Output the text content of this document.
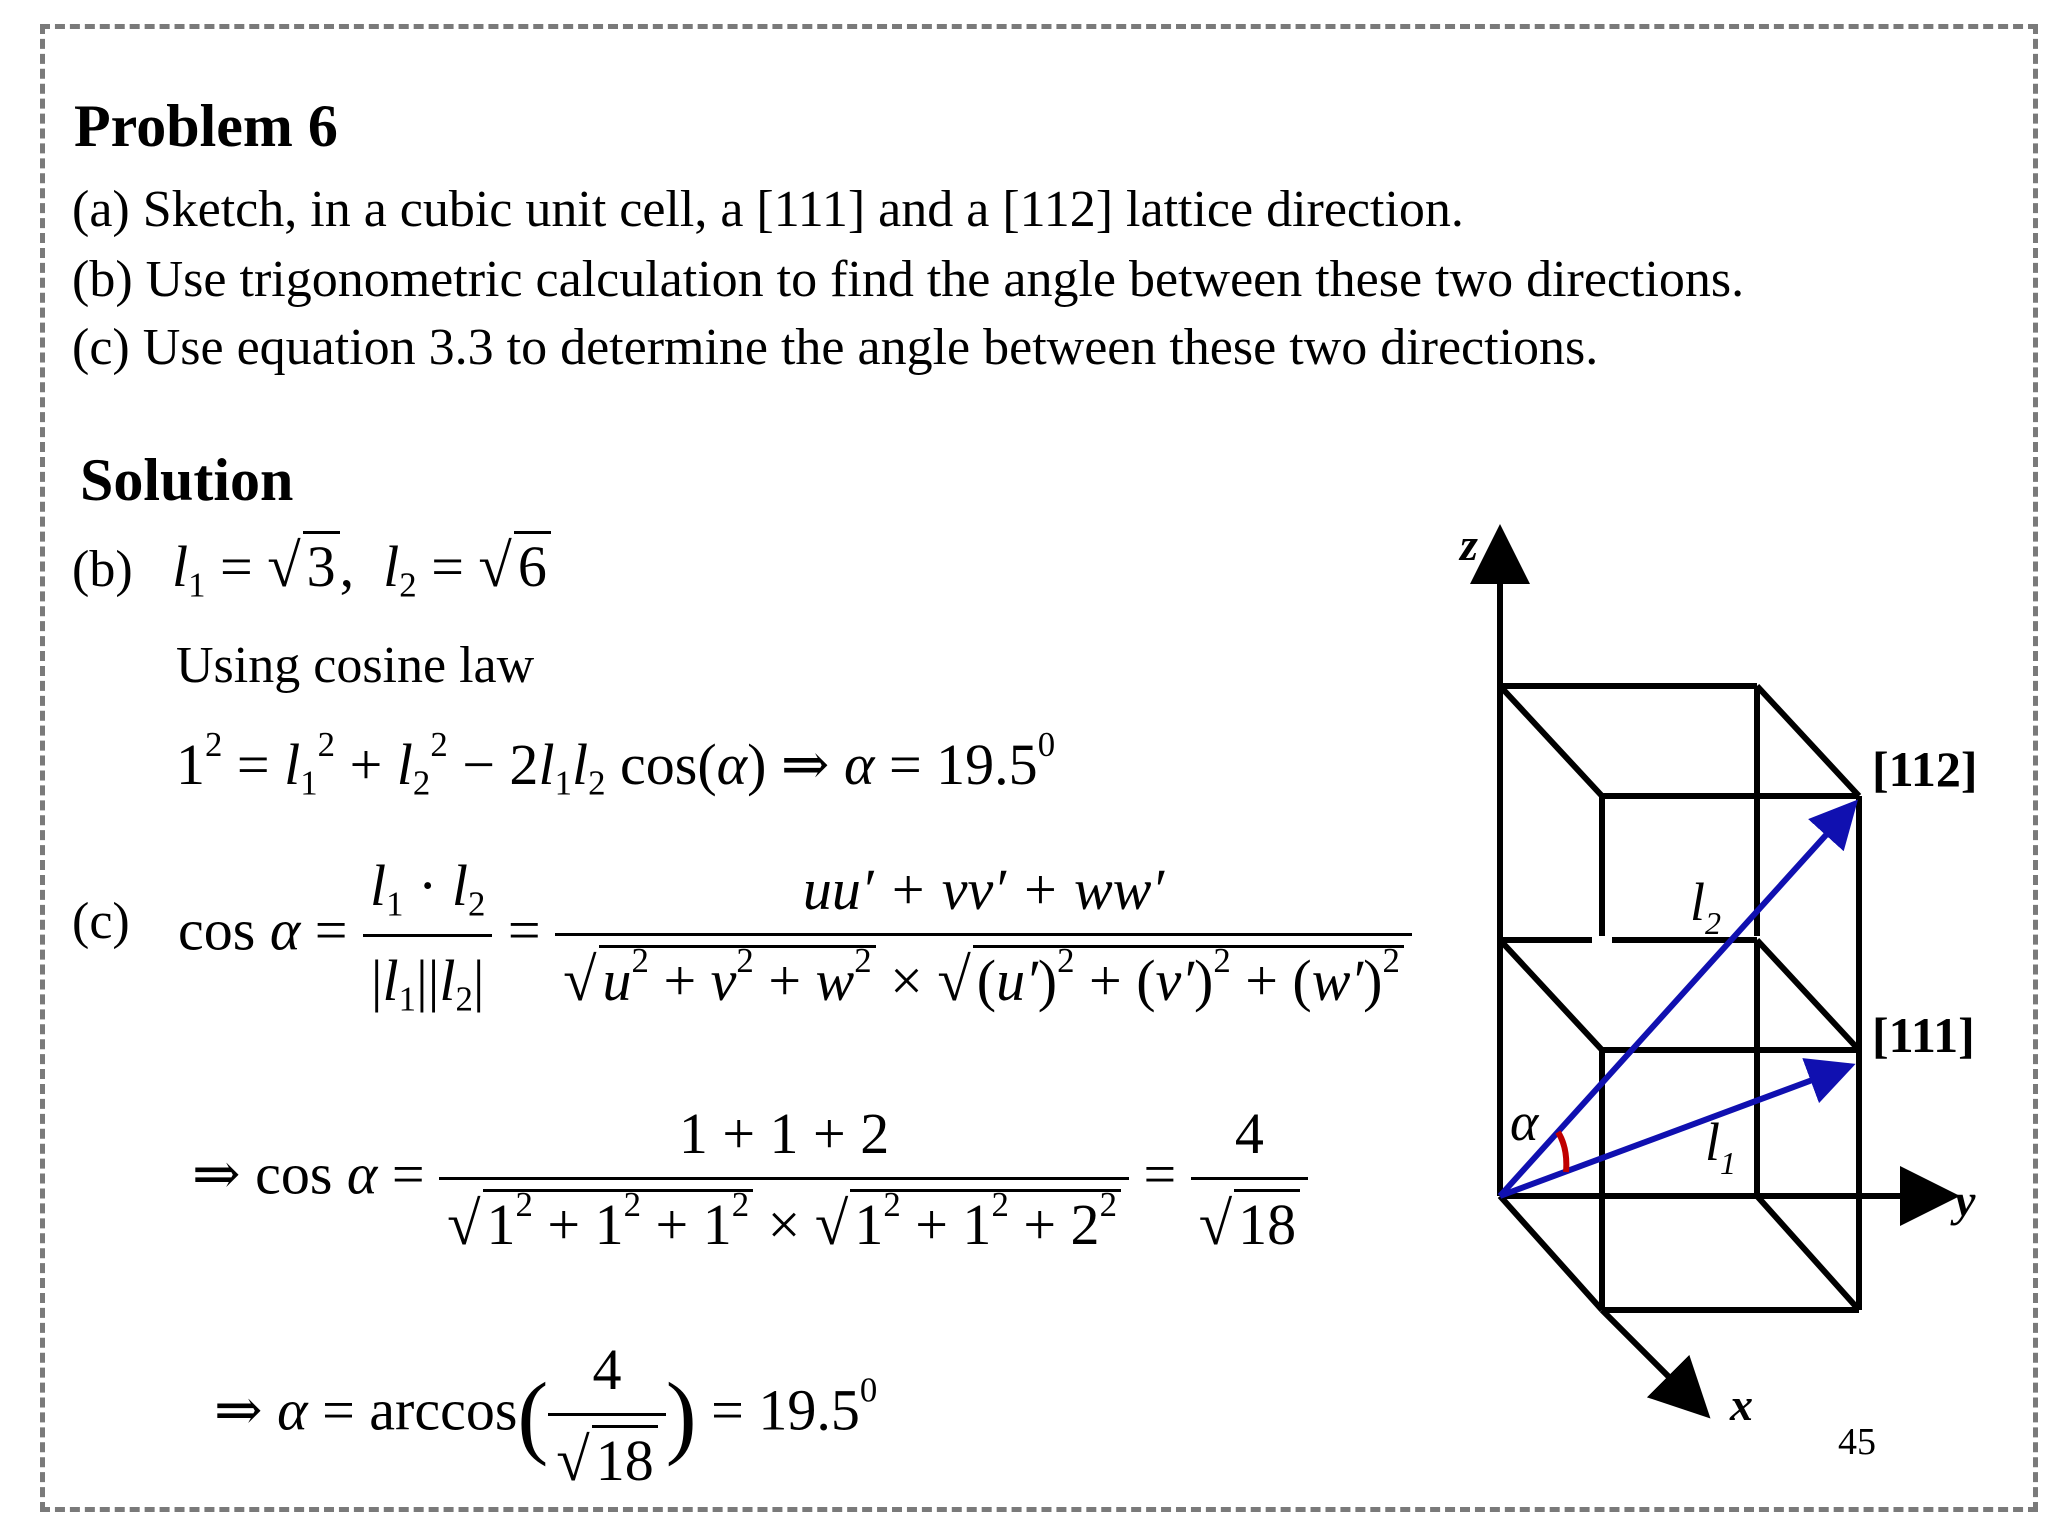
Problem 6
(a) Sketch, in a cubic unit cell, a [111] and a [112] lattice direction.
(b) Use trigonometric calculation to find the angle between these two directions.
(c) Use equation 3.3 to determine the angle between these two directions.
Solution
(b) $l_1$ = √ 3,  $l_2$ = √ 6
Using cosine law
$1^2 = l_1^2 + l_2^2 - 2l_1l_2$ cos(α) ⇒ $\alpha = 19.5^0$
(c) $\cos \alpha = \frac{l_1 \cdot l_2}{|l_1||l_2|} = \frac{uu' + vv' + ww'}{√ u^2 + v^2 + w^2 \times √ (u')^2 + (v')^2 + (w')^2}$
⇒ $\cos \alpha = \frac{1 + 1 + 2}{√ 1^2 + 1^2 + 1^2 \times √ 1^2 + 1^2 + 2^2} = \frac{4}{√ 18}$
⇒ $\alpha = \arccos( \frac{4}{√ 18}$ ) = $19.5^0$
z
y
x
[112]
[111]
$l_2$
$l_1$
α
45
